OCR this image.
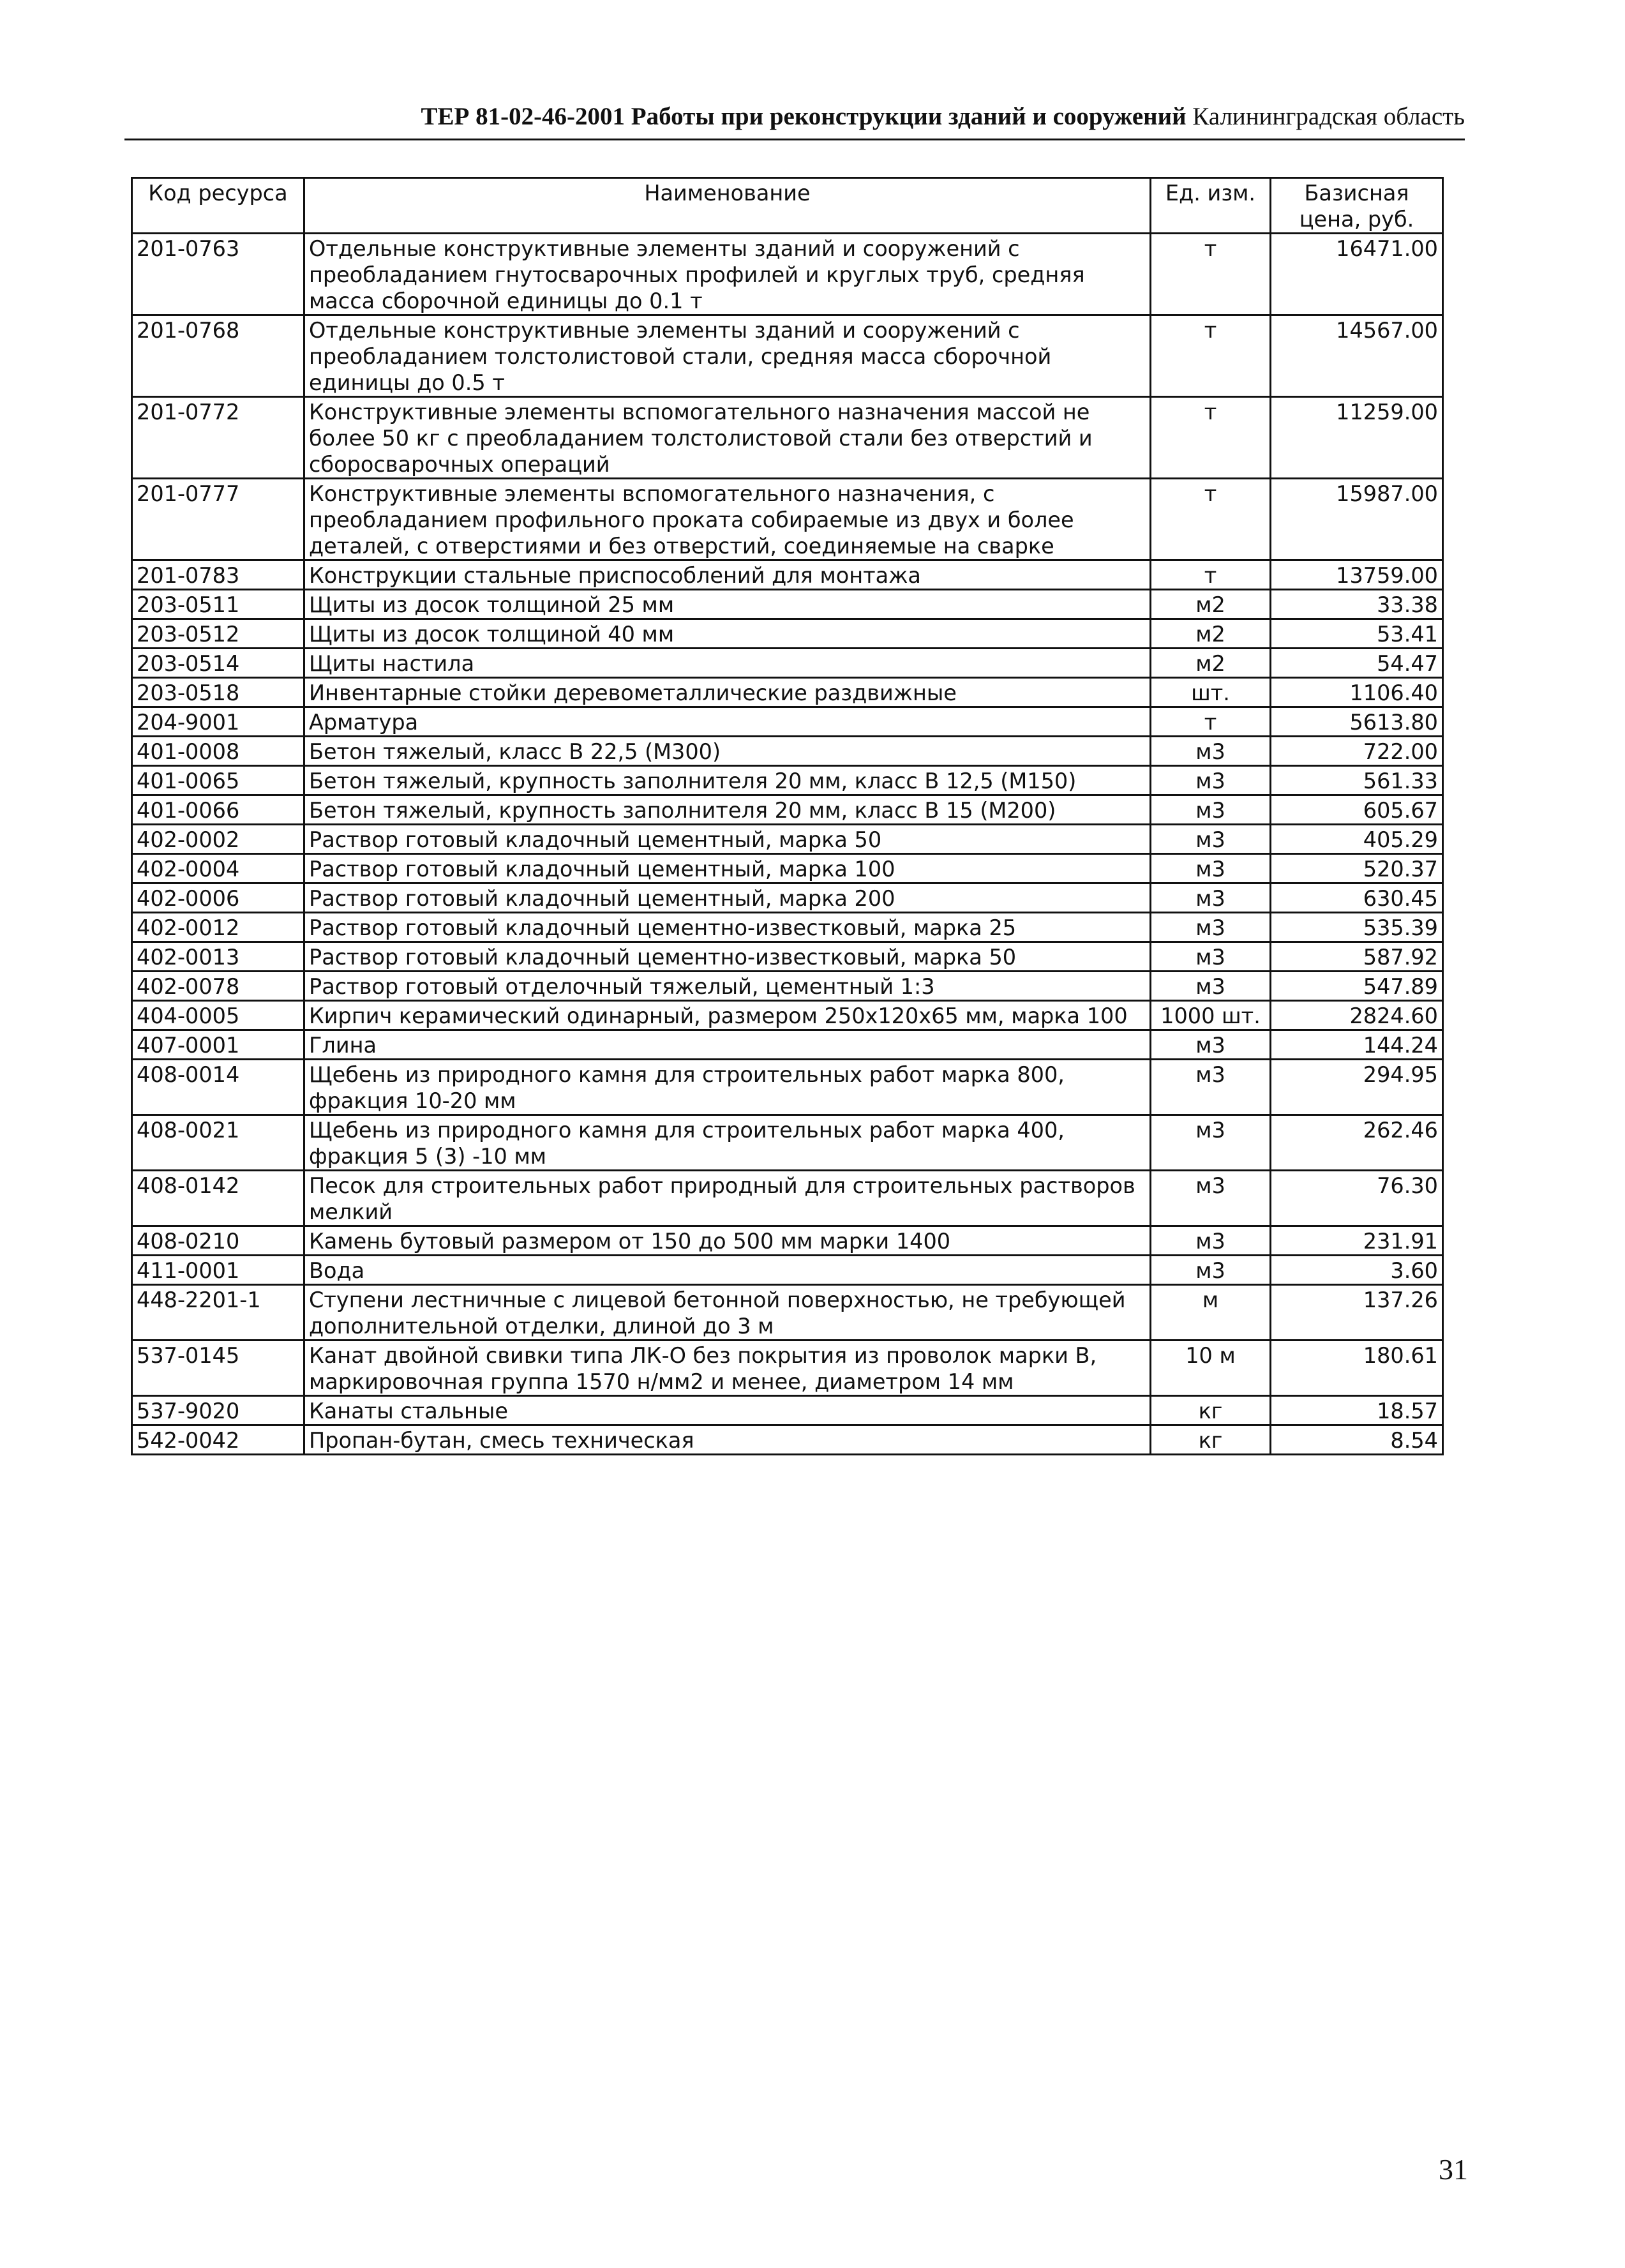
ТЕР 81-02-46-2001 Работы при реконструкции зданий и сооружений Калининградская область
Код ресурса	Наименование	Ед. изм.	Базисная цена, руб.
201-0763	Отдельные конструктивные элементы зданий и сооружений с преобладанием гнутосварочных профилей и круглых труб, средняя масса сборочной единицы до 0.1 т	т	16471.00
201-0768	Отдельные конструктивные элементы зданий и сооружений с преобладанием толстолистовой стали, средняя масса сборочной единицы до 0.5 т	т	14567.00
201-0772	Конструктивные элементы вспомогательного назначения массой не более 50 кг с преобладанием толстолистовой стали без отверстий и сборосварочных операций	т	11259.00
201-0777	Конструктивные элементы вспомогательного назначения, с преобладанием профильного проката собираемые из двух и более деталей, с отверстиями и без отверстий, соединяемые на сварке	т	15987.00
201-0783	Конструкции стальные приспособлений для монтажа	т	13759.00
203-0511	Щиты из досок толщиной 25 мм	м2	33.38
203-0512	Щиты из досок толщиной 40 мм	м2	53.41
203-0514	Щиты настила	м2	54.47
203-0518	Инвентарные стойки деревометаллические раздвижные	шт.	1106.40
204-9001	Арматура	т	5613.80
401-0008	Бетон тяжелый, класс В 22,5 (М300)	м3	722.00
401-0065	Бетон тяжелый, крупность заполнителя 20 мм, класс В 12,5 (М150)	м3	561.33
401-0066	Бетон тяжелый, крупность заполнителя 20 мм, класс В 15 (М200)	м3	605.67
402-0002	Раствор готовый кладочный цементный, марка 50	м3	405.29
402-0004	Раствор готовый кладочный цементный, марка 100	м3	520.37
402-0006	Раствор готовый кладочный цементный, марка 200	м3	630.45
402-0012	Раствор готовый кладочный цементно-известковый, марка 25	м3	535.39
402-0013	Раствор готовый кладочный цементно-известковый, марка 50	м3	587.92
402-0078	Раствор готовый отделочный тяжелый, цементный 1:3	м3	547.89
404-0005	Кирпич керамический одинарный, размером 250х120х65 мм, марка 100	1000 шт.	2824.60
407-0001	Глина	м3	144.24
408-0014	Щебень из природного камня для строительных работ марка 800, фракция 10-20 мм	м3	294.95
408-0021	Щебень из природного камня для строительных работ марка 400, фракция 5 (3) -10 мм	м3	262.46
408-0142	Песок для строительных работ природный для строительных растворов мелкий	м3	76.30
408-0210	Камень бутовый размером от 150 до 500 мм марки 1400	м3	231.91
411-0001	Вода	м3	3.60
448-2201-1	Ступени лестничные с лицевой бетонной поверхностью, не требующей дополнительной отделки, длиной до 3 м	м	137.26
537-0145	Канат двойной свивки типа ЛК-О без покрытия из проволок марки В, маркировочная группа 1570 н/мм2 и менее, диаметром 14 мм	10 м	180.61
537-9020	Канаты стальные	кг	18.57
542-0042	Пропан-бутан, смесь техническая	кг	8.54
31
